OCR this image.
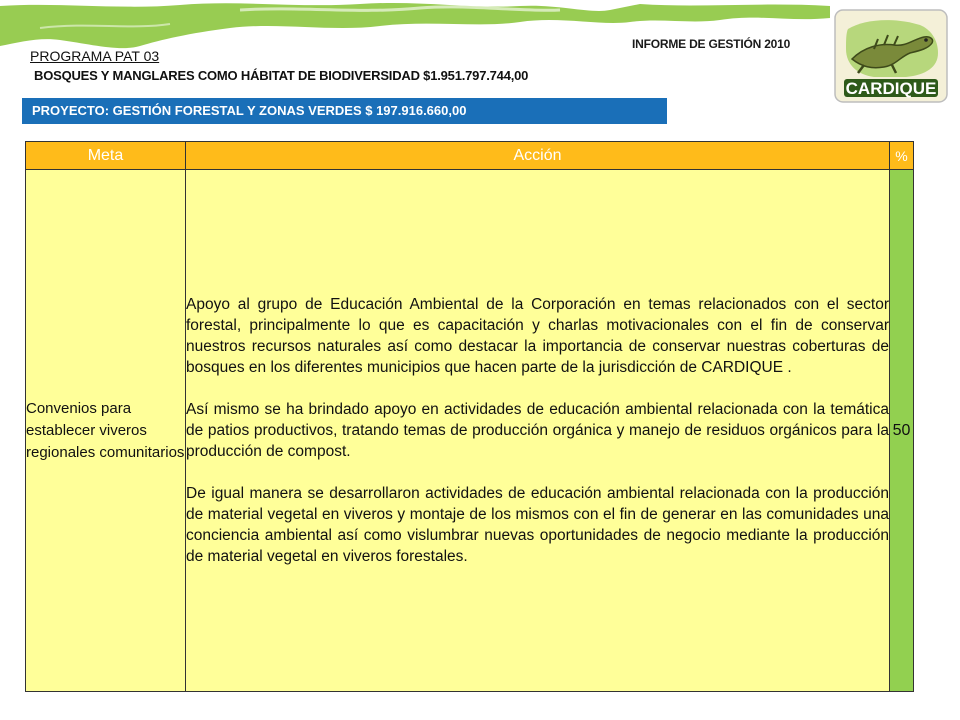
INFORME DE GESTIÓN 2010
PROGRAMA PAT 03
BOSQUES Y MANGLARES COMO HÁBITAT DE BIODIVERSIDAD $1.951.797.744,00
PROYECTO: GESTIÓN FORESTAL Y ZONAS VERDES $ 197.916.660,00
CARDIQUE
Meta	Acción	%
Convenios para establecer viveros regionales comunitarios	Apoyo al grupo de Educación Ambiental de la Corporación en temas relacionados con el sector forestal, principalmente lo que es capacitación y charlas motivacionales con el fin de conservar nuestros recursos naturales así como destacar la importancia de conservar nuestras coberturas de bosques en los diferentes municipios que hacen parte de la jurisdicción de CARDIQUE .

Así mismo se ha brindado apoyo en actividades de educación ambiental relacionada con la temática de patios productivos, tratando temas de producción orgánica y manejo de residuos orgánicos para la producción de compost.

De igual manera se desarrollaron actividades de educación ambiental relacionada con la producción de material vegetal en viveros y montaje de los mismos con el fin de generar en las comunidades una conciencia ambiental así como vislumbrar nuevas oportunidades de negocio mediante la producción de material vegetal en viveros forestales.	50
